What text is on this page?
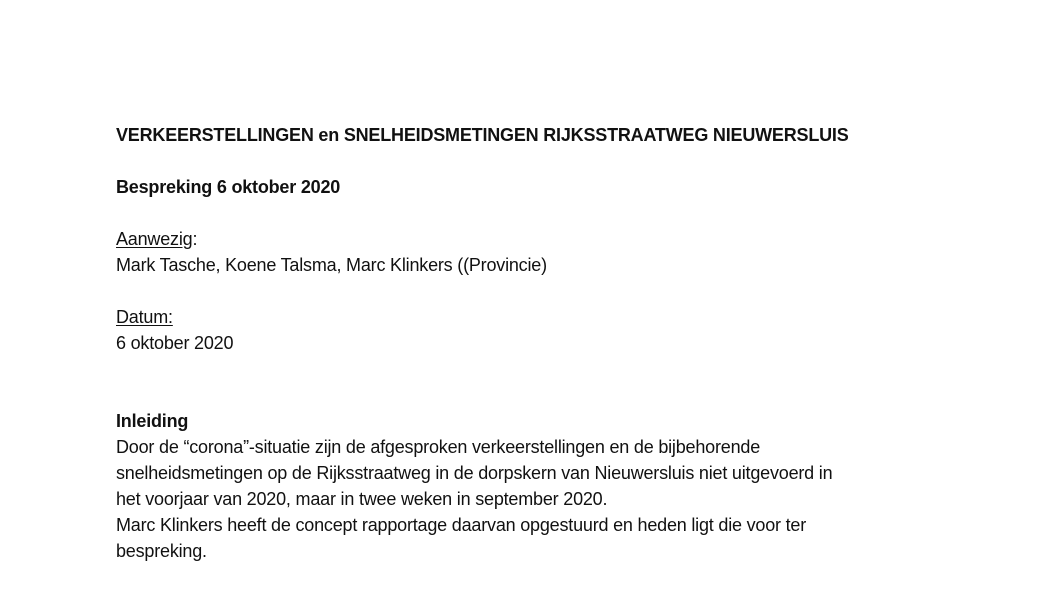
VERKEERSTELLINGEN en SNELHEIDSMETINGEN RIJKSSTRAATWEG NIEUWERSLUIS
Bespreking 6 oktober 2020
Aanwezig:
Mark Tasche, Koene Talsma, Marc Klinkers ((Provincie)
Datum:
6 oktober 2020
Inleiding
Door de “corona”-situatie zijn de afgesproken verkeerstellingen en de bijbehorende
snelheidsmetingen op de Rijksstraatweg in de dorpskern van Nieuwersluis niet uitgevoerd in
het voorjaar van 2020, maar in twee weken in september 2020.
Marc Klinkers heeft de concept rapportage daarvan opgestuurd en heden ligt die voor ter
bespreking.
